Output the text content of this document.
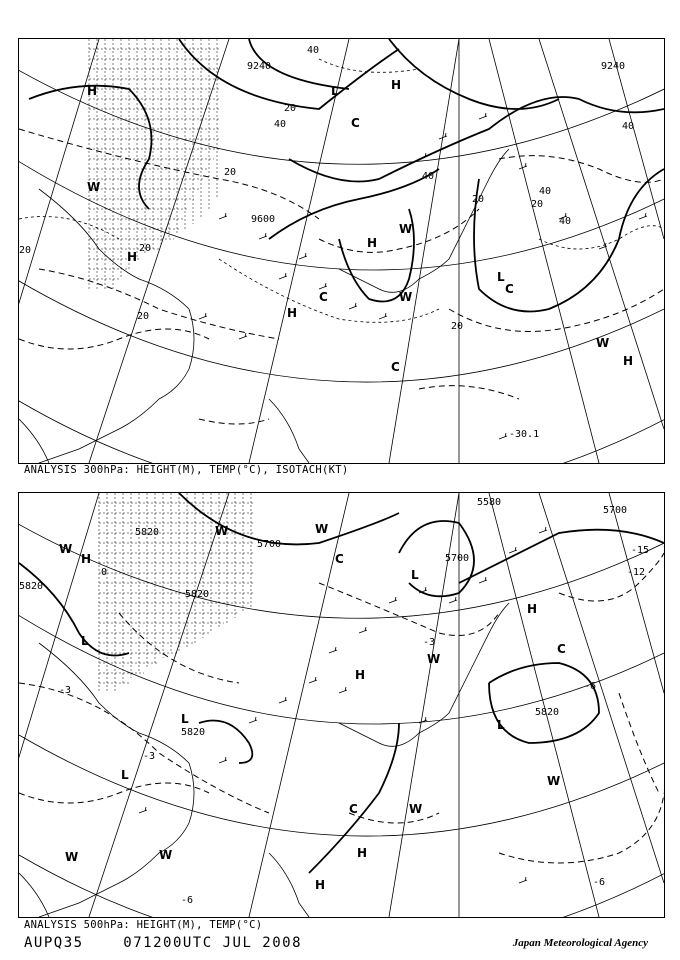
9240	9240
9600
40
20
20
40
40
20
40
20
20
20
40
40
20
20
H	H
H
H
H
H
W
W
W
W
L
L
C
C
C
C
-30.1
ANALYSIS 300hPa: HEIGHT(M), TEMP(°C), ISOTACH(KT)
5580
5700
5700
5700
5820
5820
5820
5820
5820
-15
-12
-3	-6
-3
-6
-3
-6
0
W
W	W
W
W
W
W	W
H
H
H
H
H
L
L
L
L
L
C
C
C
ANALYSIS 500hPa: HEIGHT(M), TEMP(°C)
AUPQ35	071200UTC JUL 2008	Japan Meteorological Agency
